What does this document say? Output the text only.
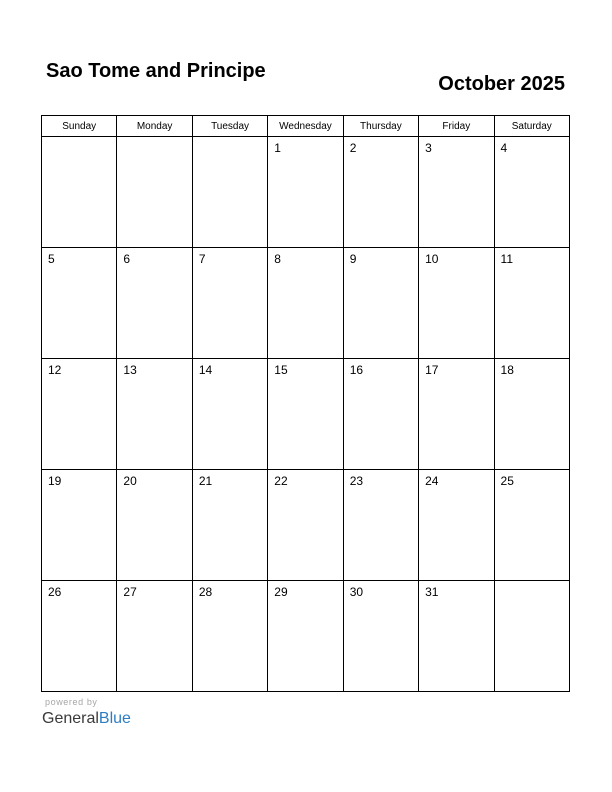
Sao Tome and Principe
October 2025
Sunday	Monday	Tuesday	Wednesday	Thursday	Friday	Saturday

			1	2	3	4

5	6	7	8	9	10	11

12	13	14	15	16	17	18

19	20	21	22	23	24	25

26	27	28	29	30	31	

powered by
GeneralBlue
